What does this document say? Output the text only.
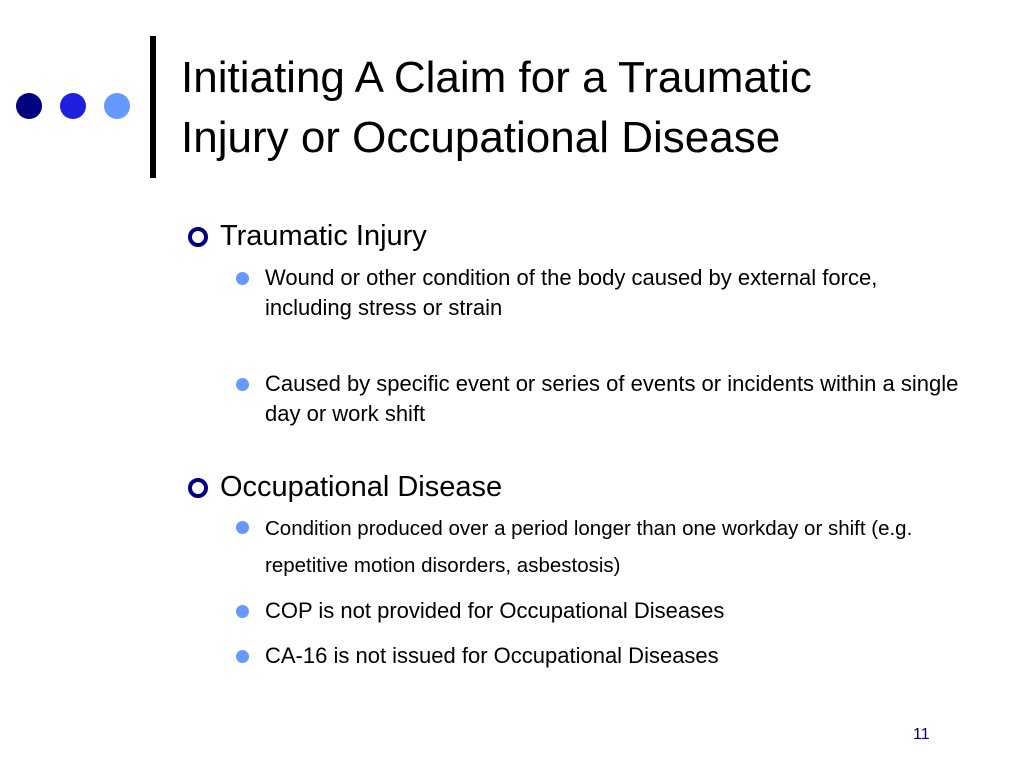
Initiating A Claim for a Traumatic
Injury or Occupational Disease

Traumatic Injury

Wound or other condition of the body caused by external force, including stress or strain
Caused by specific event or series of events or incidents within a single day or work shift

Occupational Disease

Condition produced over a period longer than one workday or shift (e.g. repetitive motion disorders, asbestosis)
COP is not provided for Occupational Diseases
CA-16 is not issued for Occupational Diseases
11
